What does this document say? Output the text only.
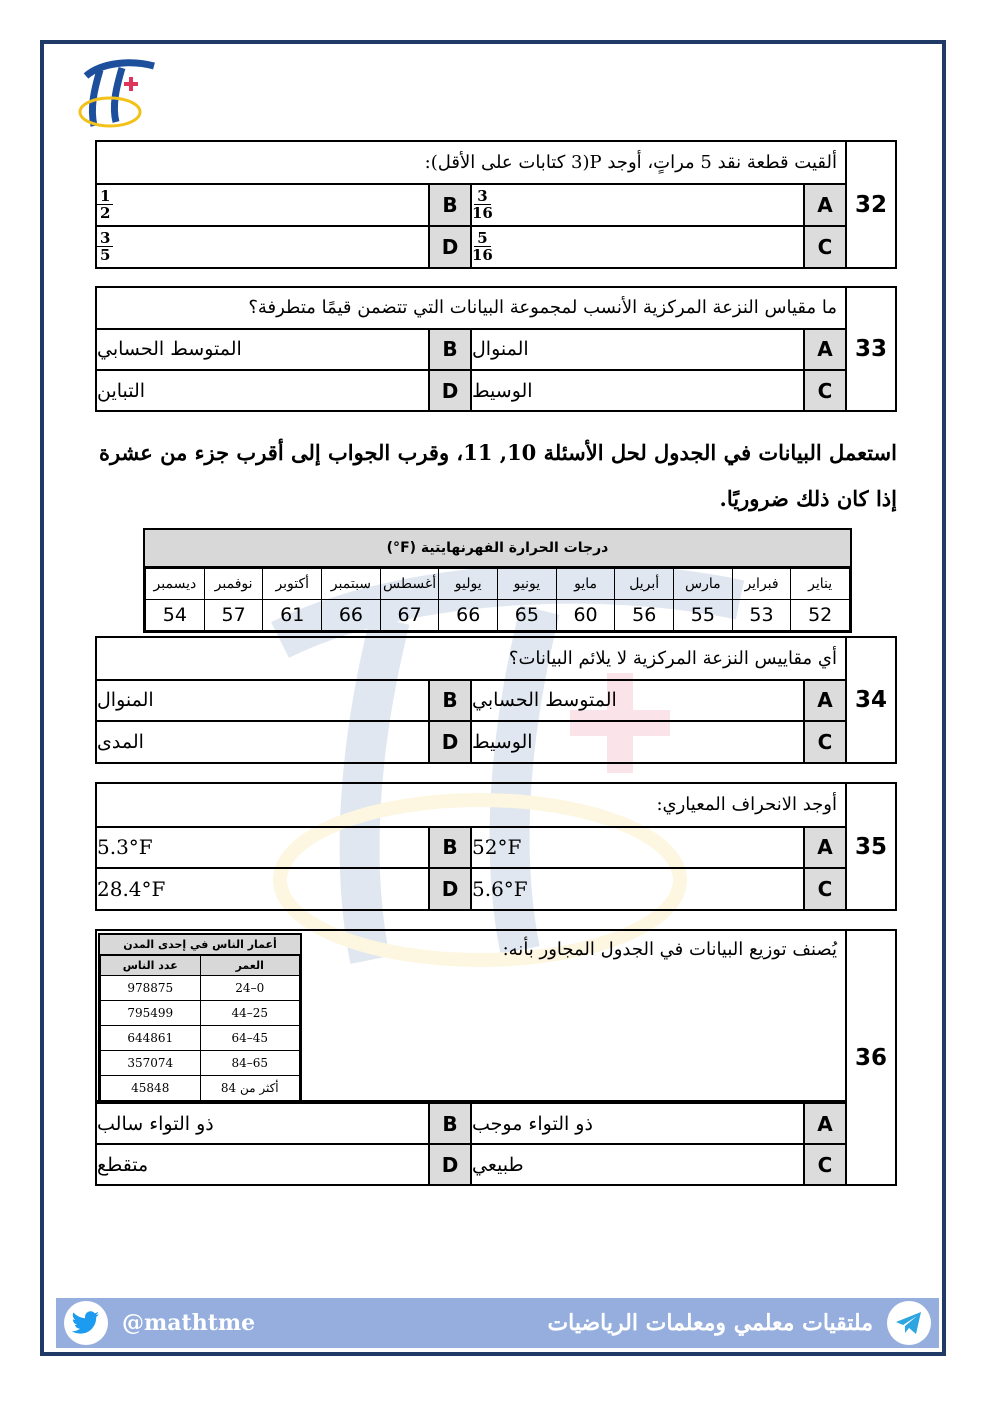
ألقيت قطعة نقد 5 مراتٍ، أوجد P(3 كتابات على الأقل):
$\frac{1}{2}$	B $\frac{3}{16}$	A
$\frac{3}{5}$	D $\frac{5}{16}$	C
32
ما مقياس النزعة المركزية الأنسب لمجموعة البيانات التي تتضمن قيمًا متطرفة؟
المتوسط الحسابي	B المنوال	A
التباين	D الوسيط	C
33
استعمل البيانات في الجدول لحل الأسئلة 10, 11، وقرب الجواب إلى أقرب جزء من عشرة إذا كان ذلك ضروريًا.
درجات الحرارة الفهرنهايتية (F°)
يناير	فبراير	مارس	أبريل	مايو	يونيو	يوليو	أغسطس	سبتمبر	أكتوبر	نوفمبر	ديسمبر
52	53	55	56	60	65	66	67	66	61	57	54
أي مقاييس النزعة المركزية لا يلائم البيانات؟
المنوال	B المتوسط الحسابي	A
المدى	D الوسيط	C
34
أوجد الانحراف المعياري:
5.3°F	B 52°F	A
28.4°F	D 5.6°F	C
35
يُصنف توزيع البيانات في الجدول المجاور بأنه:
ذو التواء سالب	B ذو التواء موجب	A
متقطع	D طبيعي	C
36
أعمار الناس في إحدى المدن
العمر	عدد الناس
0–24	978875
25–44	795499
45–64	644861
65–84	357074
أكثر من 84	45848
@mathtme	ملتقيات معلمي ومعلمات الرياضيات
